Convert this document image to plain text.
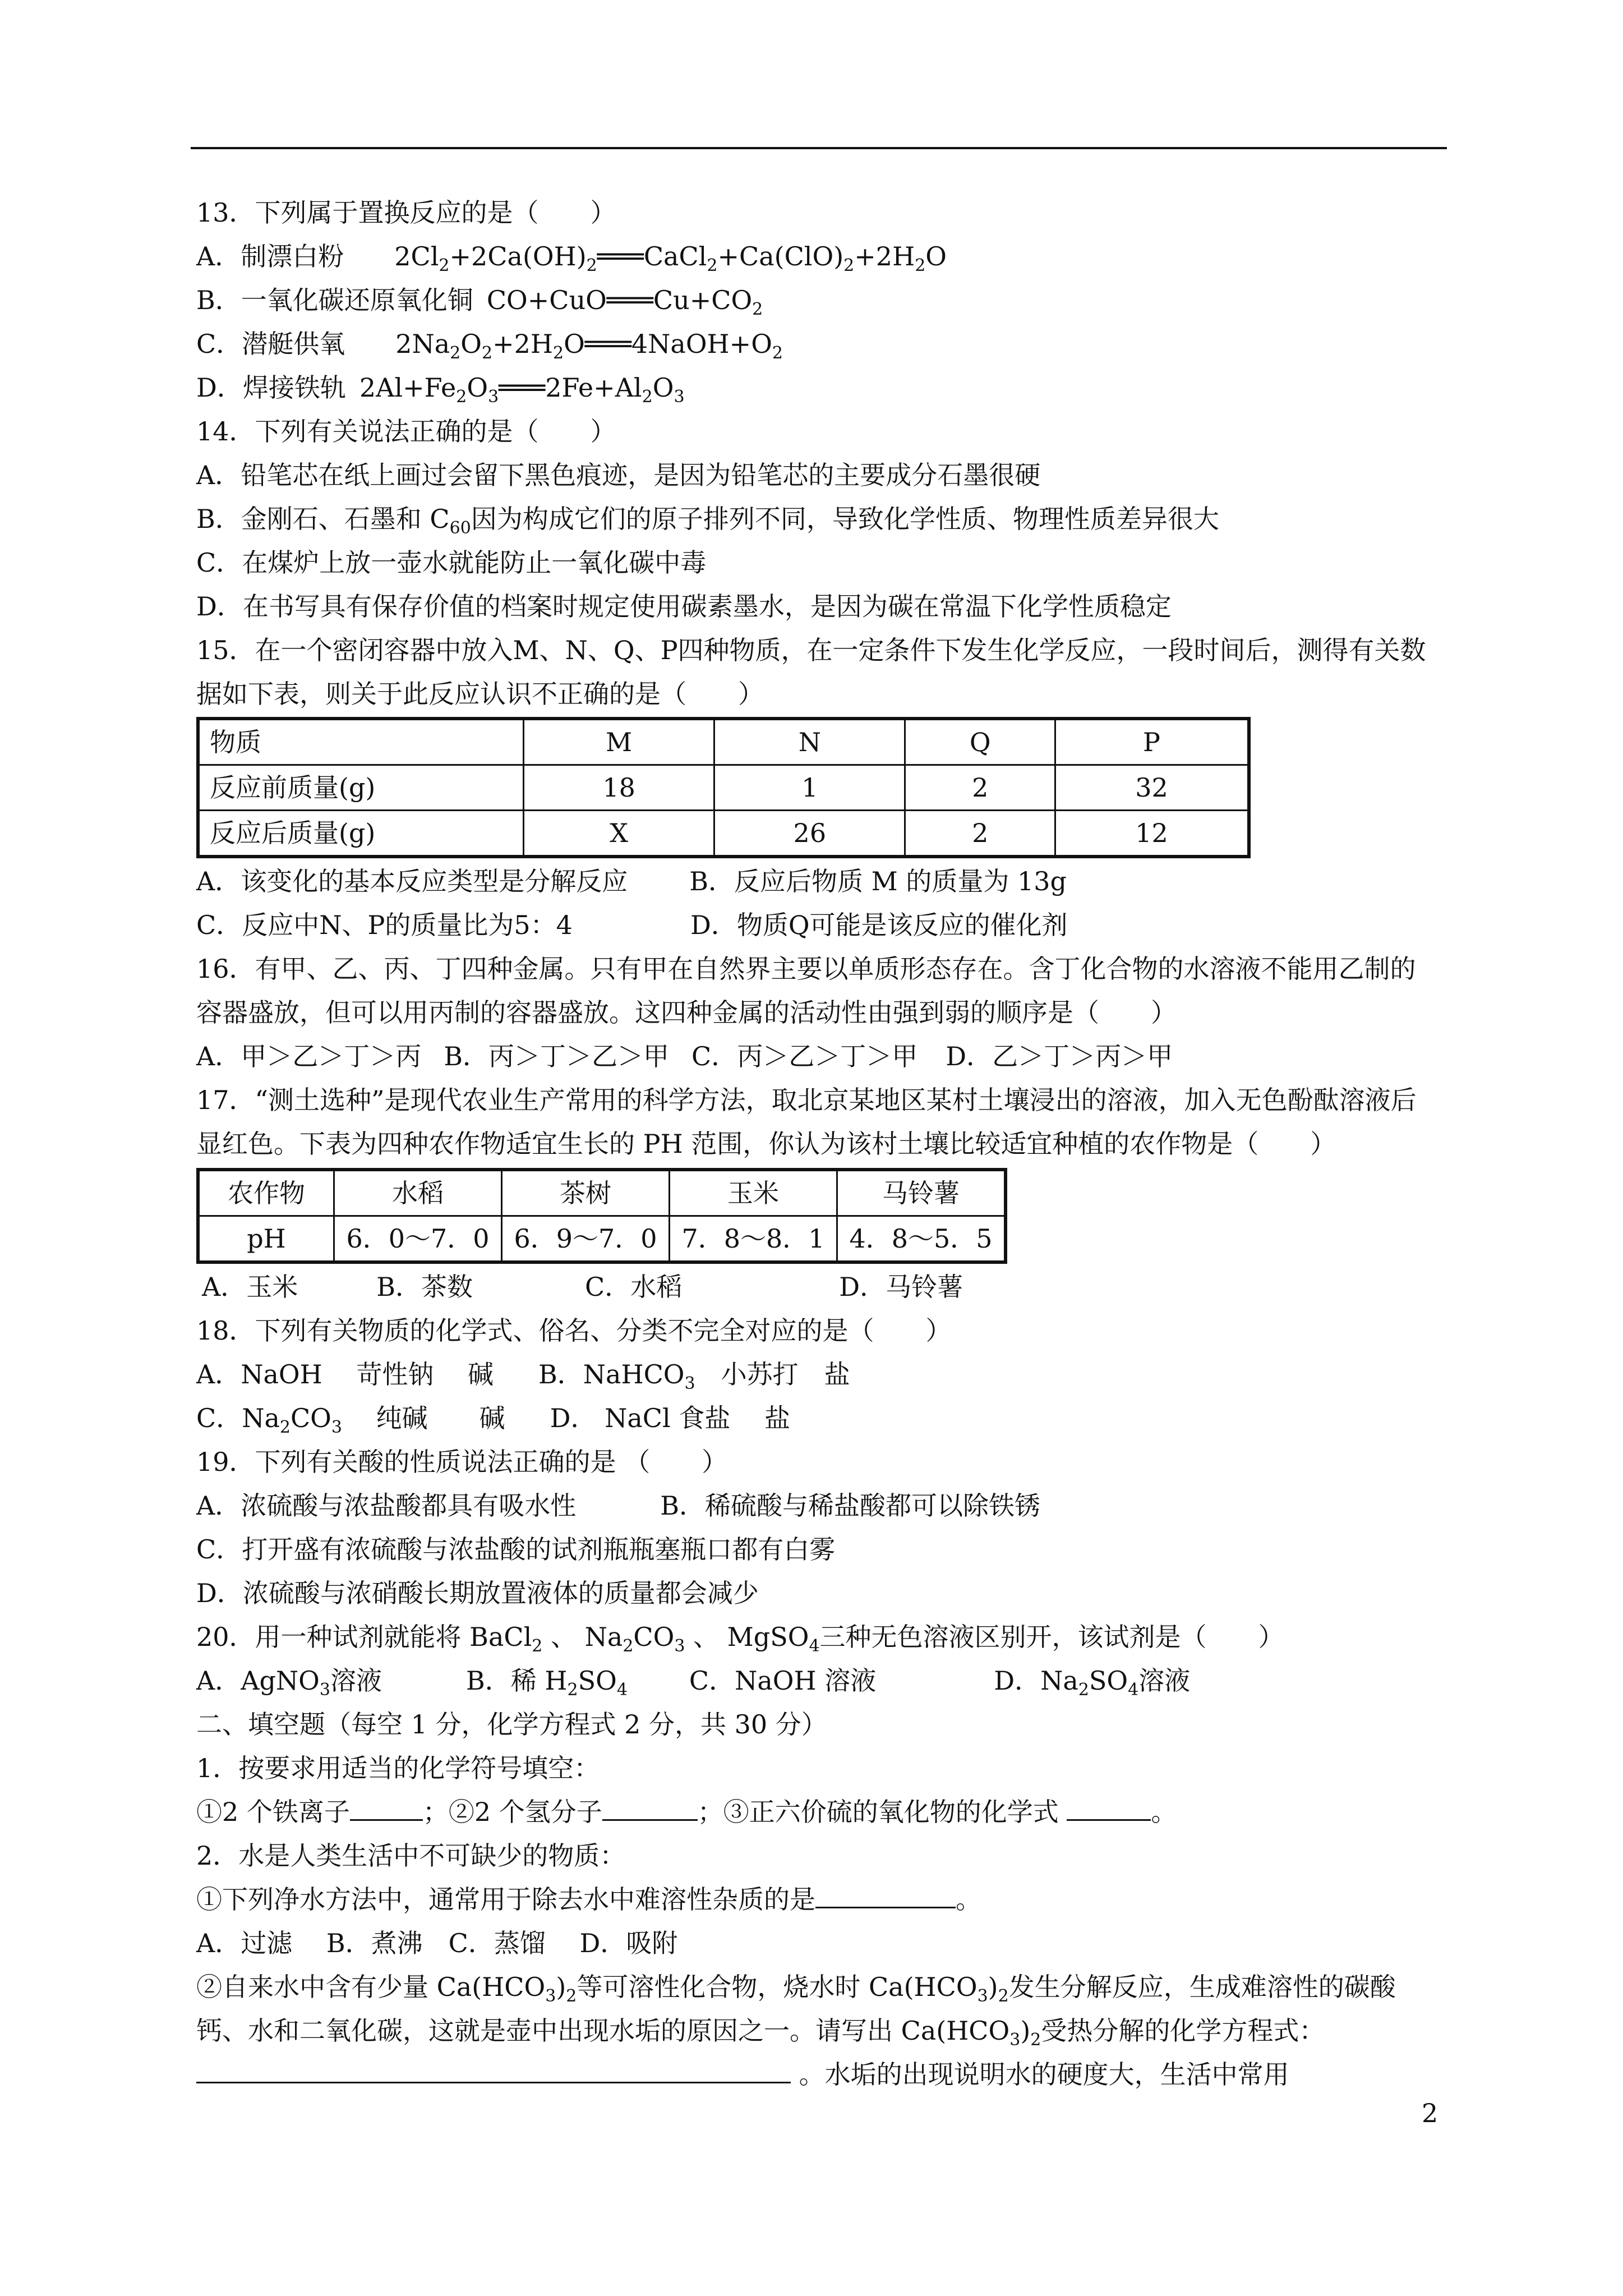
13．下列属于置换反应的是（　　）
A．制漂白粉 $2Cl_2+2Ca(OH)_2═══CaCl_2+Ca(ClO)_2+2H_2O$
B．一氧化碳还原氧化铜 $CO+CuO═══Cu+CO_2$
C．潜艇供氧 $2Na_2O_2+2H_2O═══4NaOH+O_2$
D．焊接铁轨 $2Al+Fe_2O_3═══2Fe+Al_2O_3$
14．下列有关说法正确的是（　　）
A．铅笔芯在纸上画过会留下黑色痕迹，是因为铅笔芯的主要成分石墨很硬
B．金刚石、石墨和 $C_{60}$因为构成它们的原子排列不同，导致化学性质、物理性质差异很大
C．在煤炉上放一壶水就能防止一氧化碳中毒
D．在书写具有保存价值的档案时规定使用碳素墨水，是因为碳在常温下化学性质稳定
15．在一个密闭容器中放入M、N、Q、P四种物质，在一定条件下发生化学反应，一段时间后，测得有关数据如下表，则关于此反应认识不正确的是（　　）
物质	M	N	Q	P
反应前质量(g)	18	1	2	32
反应后质量(g)	X	26	2	12
A．该变化的基本反应类型是分解反应 B．反应后物质 M 的质量为 13g
C．反应中N、P的质量比为5：4	D．物质Q可能是该反应的催化剂
16．有甲、乙、丙、丁四种金属。只有甲在自然界主要以单质形态存在。含丁化合物的水溶液不能用乙制的容器盛放，但可以用丙制的容器盛放。这四种金属的活动性由强到弱的顺序是（　　）
A．甲＞乙＞丁＞丙 B．丙＞丁＞乙＞甲 C．丙＞乙＞丁＞甲 D．乙＞丁＞丙＞甲
17．“测土选种”是现代农业生产常用的科学方法，取北京某地区某村土壤浸出的溶液，加入无色酚酞溶液后显红色。下表为四种农作物适宜生长的 PH 范围，你认为该村土壤比较适宜种植的农作物是（　　）
农作物	水稻	茶树	玉米	马铃薯
pH	6．0～7．0	6．9～7．0	7．8～8．1	4．8～5．5
A．玉米	B．茶数	C．水稻	D．马铃薯
18．下列有关物质的化学式、俗名、分类不完全对应的是（　　）
A．NaOH　 苛性钠　 碱 B．NaHCO$_3$　小苏打　盐
C．$Na_2CO_3$　 纯碱　　碱 D． NaCl 食盐　 盐
19．下列有关酸的性质说法正确的是 （　　）
A．浓硫酸与浓盐酸都具有吸水性	B．稀硫酸与稀盐酸都可以除铁锈
C．打开盛有浓硫酸与浓盐酸的试剂瓶瓶塞瓶口都有白雾
D．浓硫酸与浓硝酸长期放置液体的质量都会减少
20．用一种试剂就能将 BaCl$_2$ 、 $Na_2CO_3$ 、 MgSO$_4$三种无色溶液区别开，该试剂是（　　）
A．AgNO$_3$溶液	B．稀 $H_2SO_4$ C．NaOH 溶液	D．$Na_2SO_4$溶液
二、填空题（每空 1 分，化学方程式 2 分，共 30 分）
1．按要求用适当的化学符号填空：
①2 个铁离子	；②2 个氢分子	；③正六价硫的氧化物的化学式	。
2．水是人类生活中不可缺少的物质：
①下列净水方法中，通常用于除去水中难溶性杂质的是	。
A．过滤　 B．煮沸　C．蒸馏　 D．吸附
②自来水中含有少量 $Ca(HCO_3)_2$等可溶性化合物，烧水时 $Ca(HCO_3)_2$发生分解反应，生成难溶性的碳酸钙、水和二氧化碳，这就是壶中出现水垢的原因之一。请写出 $Ca(HCO_3)_2$受热分解的化学方程式： 。水垢的出现说明水的硬度大，生活中常用
2
